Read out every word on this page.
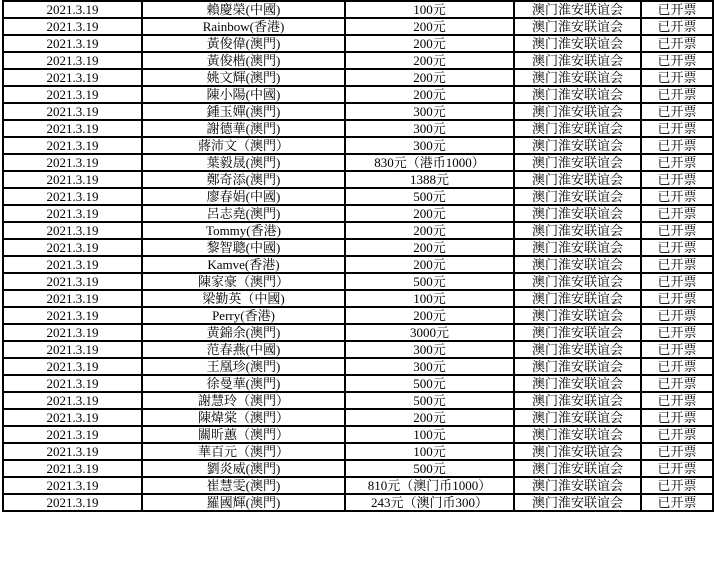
2021.3.19	賴慶榮(中國)	100元	澳门淮安联谊会	已开票
2021.3.19	Rainbow(香港)	200元	澳门淮安联谊会	已开票
2021.3.19	黃俊偉(澳門)	200元	澳门淮安联谊会	已开票
2021.3.19	黃俊楷(澳門)	200元	澳门淮安联谊会	已开票
2021.3.19	姚文輝(澳門)	200元	澳门淮安联谊会	已开票
2021.3.19	陳小陽(中國)	200元	澳门淮安联谊会	已开票
2021.3.19	鍾玉嬋(澳門)	300元	澳门淮安联谊会	已开票
2021.3.19	謝德華(澳門)	300元	澳门淮安联谊会	已开票
2021.3.19	蔣沛文（澳門）	300元	澳门淮安联谊会	已开票
2021.3.19	葉毅晟(澳門)	830元（港币1000）	澳门淮安联谊会	已开票
2021.3.19	鄭奇添(澳門)	1388元	澳门淮安联谊会	已开票
2021.3.19	廖春娟(中國)	500元	澳门淮安联谊会	已开票
2021.3.19	呂志堯(澳門)	200元	澳门淮安联谊会	已开票
2021.3.19	Tommy(香港)	200元	澳门淮安联谊会	已开票
2021.3.19	黎智聰(中國)	200元	澳门淮安联谊会	已开票
2021.3.19	Kamve(香港)	200元	澳门淮安联谊会	已开票
2021.3.19	陳家豪（澳門）	500元	澳门淮安联谊会	已开票
2021.3.19	梁勤英（中國)	100元	澳门淮安联谊会	已开票
2021.3.19	Perry(香港)	200元	澳门淮安联谊会	已开票
2021.3.19	黄錦余(澳門)	3000元	澳门淮安联谊会	已开票
2021.3.19	范春燕(中國)	300元	澳门淮安联谊会	已开票
2021.3.19	王凰珍(澳門)	300元	澳门淮安联谊会	已开票
2021.3.19	徐曼華(澳門)	500元	澳门淮安联谊会	已开票
2021.3.19	謝慧玲（澳門）	500元	澳门淮安联谊会	已开票
2021.3.19	陳煒棠（澳門）	200元	澳门淮安联谊会	已开票
2021.3.19	關昕蕙（澳門）	100元	澳门淮安联谊会	已开票
2021.3.19	華百元（澳門）	100元	澳门淮安联谊会	已开票
2021.3.19	劉炎威(澳門)	500元	澳门淮安联谊会	已开票
2021.3.19	崔慧雯(澳門)	810元（澳门币1000）	澳门淮安联谊会	已开票
2021.3.19	羅國輝(澳門)	243元（澳门币300）	澳门淮安联谊会	已开票
